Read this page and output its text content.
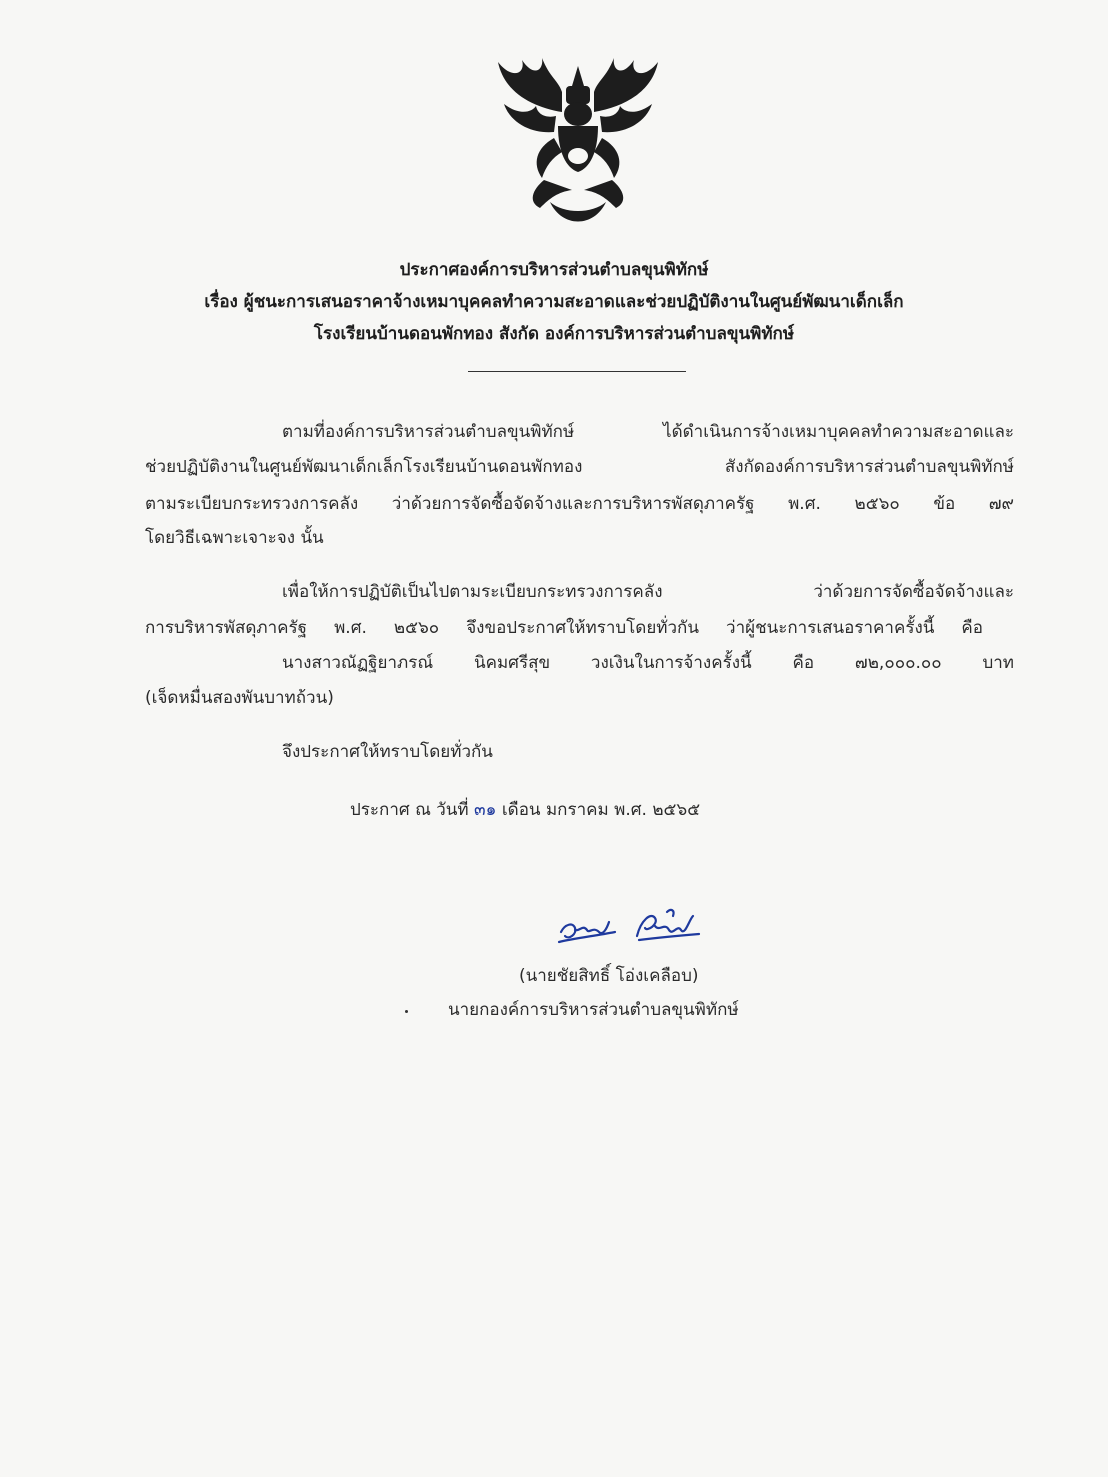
ประกาศองค์การบริหารส่วนตำบลขุนพิทักษ์
เรื่อง ผู้ชนะการเสนอราคาจ้างเหมาบุคคลทำความสะอาดและช่วยปฏิบัติงานในศูนย์พัฒนาเด็กเล็ก
โรงเรียนบ้านดอนพักทอง สังกัด องค์การบริหารส่วนตำบลขุนพิทักษ์
ตามที่องค์การบริหารส่วนตำบลขุนพิทักษ์ ได้ดำเนินการจ้างเหมาบุคคลทำความสะอาดและ
ช่วยปฏิบัติงานในศูนย์พัฒนาเด็กเล็กโรงเรียนบ้านดอนพักทอง สังกัดองค์การบริหารส่วนตำบลขุนพิทักษ์
ตามระเบียบกระทรวงการคลัง ว่าด้วยการจัดซื้อจัดจ้างและการบริหารพัสดุภาครัฐ พ.ศ. ๒๕๖๐ ข้อ ๗๙
โดยวิธีเฉพาะเจาะจง นั้น
เพื่อให้การปฏิบัติเป็นไปตามระเบียบกระทรวงการคลัง ว่าด้วยการจัดซื้อจัดจ้างและ
การบริหารพัสดุภาครัฐ พ.ศ. ๒๕๖๐ จึงขอประกาศให้ทราบโดยทั่วกัน ว่าผู้ชนะการเสนอราคาครั้งนี้ คือ
นางสาวณัฏฐิยาภรณ์ นิคมศรีสุข วงเงินในการจ้างครั้งนี้ คือ ๗๒,๐๐๐.๐๐ บาท
(เจ็ดหมื่นสองพันบาทถ้วน)
จึงประกาศให้ทราบโดยทั่วกัน
ประกาศ ณ วันที่ ๓๑ เดือน มกราคม พ.ศ. ๒๕๖๕
(นายชัยสิทธิ์ โอ่งเคลือบ)
นายกองค์การบริหารส่วนตำบลขุนพิทักษ์
